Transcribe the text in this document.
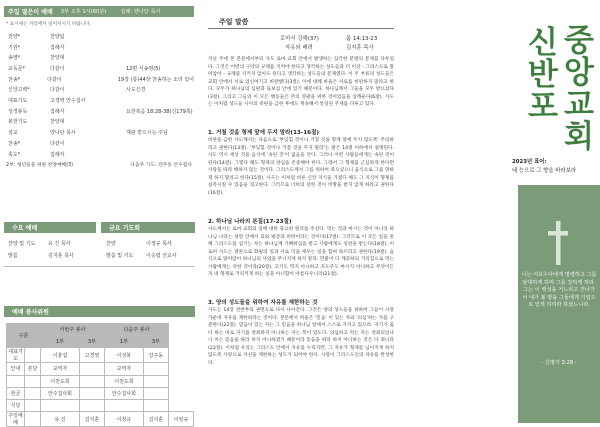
주일 절은이 예배 3부 오후 1시(60분)	집례: 양나단 목사
* 표시에는 자리에서 일어서시기 바랍니다.
찬양*	찬양팀
기원*	집례자
송영*	찬양대
교독문*	다같이	12편 서송영(5)
찬송*	다같이	19장 (통)44장 찬송하는 소리 있어
신앙고백*	다같이	사도신경
대표기도	고경영 안수집사
성경봉독	집례자	요한복음 18:28-38(신179쪽)
봉헌기도	찬양대
설교	양나단 목사	재판 받으시는 주님
찬송*	다같이
축도*	집례자
2부: 청년들을 위한 찬양예배(3)	다음주 기도: 강주동 안수집사
수요 예배	금요 기도회
찬양 및 기도	유 진 목사
말씀	김지훈 목사
찬양	이정규 목사
말씀 및 기도	이승엽 선교사
예배 봉사위원
구분		이번주 봉사		다음주 봉사		
		1부	3부	1부	3부	
대표기도		이흥섭	고경영	이성봉	강주동	
안내	본당	교역자		교역자		
		이천도희		이천도희		
헌금		안수집사회		안수집사회		
식당						
주일예배		유 진	김지훈	이정규	김지훈	이엉규
주일 말씀
로마서 강해(37)	롬 14:13-23
자유와 배려	김지훈 목사
지난 주에 본 본문에서부터 사도 로마 교회 안에서 발생하는 심각한 분열의 문제를 다루었다. 그것은 어떤의 구약의 규례를 지켜야 한다고 생각하는 성도들과 더 이상 - 그리스도로 말미암아 - 규례를 지키지 않아도 된다고 생각하는 성도들의 문제였다. 이 두 부류의 성도들은 교회 안에서 서로 업신여기고 비판했다(3절). 이에 대해 바울은 서로를 비판하지 말라고 한다. 모두가 하나님의 심판과 돌보심 안에 있기 때문이다. 하나님께서 그들을 모두 받으셨다(3절). 그리고 그들의 이 모든 행동들은 주의 영광을 위한 것이었음을 일깨운다(6절). 사도는 이처럼 성도들 사이의 비판을 금한 후에도 계속해서 통일된 주제를 다루고 있다.
1. 거칠 것을 형제 앞에 두지 말라(13-16절)
비판을 금한 사도께서는 다음으로 '부딪힐 것이나 거칠 것을 형제 앞에 두지 않도록' 주의하라고 권한다(13절). '부딪힐 것이나 거칠 것을 두지 말라'는 말은 14절 이하에서 설명된다. 사도 역시 세상 것을 음식에 '속된 것'이 없음을 안다. 그러나 어떤 사람들에게는 속된 것이 된다(14절). 그렇다 해도 형제의 양심을 존중해야 한다. 그래서 그 형제를 근심하게 한다면 사랑을 따라 행하지 않는 것이다. 그리스도께서 그를 위하여 죽으셨으니 음식으로 그를 망하게 하지 말라고 한다(15절). 사도는 이처럼 바른 신앙 지식을 가졌다 해도 그 지식이 형제를 실족시킬 수 있음을 경고한다. 그러므로 너희의 선한 것이 비방을 받지 않게 하라고 권한다(16절).
2. 하나님 나라의 본질(17-23절)
사도께서는 로마 교회의 일에 대한 중요한 원리를 주신다. 먹는 것과 마시는 것이 아니라 하나님 나라는 성령 안에서 의와 평강과 희락이라는 것이다(17절). 그러므로 이 모든 일을 통해 그리스도를 섬기는 자는 하나님께 기뻐하심을 받고 사람에게도 칭찬을 받는다(18절). 이로써 사도는 결론으로 화평의 일과 서로 덕을 세우는 일을 힘써 따르라고 권한다(19절). 음식으로 말미암아 하나님의 사업을 무너지게 하지 말라. 만물이 다 깨끗하되 거리낌으로 먹는 사람에게는 악한 것이라(20절). 고기도 먹지 아니하고 포도주도 마시지 아니하고 무엇이든지 네 형제로 거리끼게 하는 일을 아니함이 아름다우니라(21절).
3. 양의 성도들을 위하여 자유를 제한하는 것
사도는 14장 전반부의 권면으로 다시 나아간다. 그것은 양의 성도들을 위하여 그들이 사랑 가운데 자유를 제한하라는 것이다. 본문에서 바울은 '믿음' 이 있는 자와 '의심'하는 자를 구분한다(22절). 믿음이 있는 자는 그 믿음을 하나님 앞에서 스스로 가지고 있으라. 자기가 옳다 하는 바로 자기를 정죄하지 아니하는 자는 복이 있도다. 의심하고 먹는 자는 정죄되었나니 이는 믿음을 따라 하지 아니하였기 때문이라 믿음을 따라 하지 아니하는 것은 다 죄니라(23절). 이처럼 우리는 그리스도 안에서 자유를 누리지만, 그 자유가 형제를 넘어지게 하지 않도록 사랑으로 자신을 제한하는 성도가 되어야 한다. 사랑이 그리스도인의 자유를 완성한다.
신 중
반 앙
포 교
회
2023년 표어:
네 능으로 그 향을 바라보라
나는 여호수아에게 명령하고 그를 담대하게 하며 그를 강하게 하라. 그는 이 백성을 거느리고 건너가서 네가 볼 땅을 그들에게 기업으로 얻게 하리라 하셨느니라.
- 신명기 3:28 -
